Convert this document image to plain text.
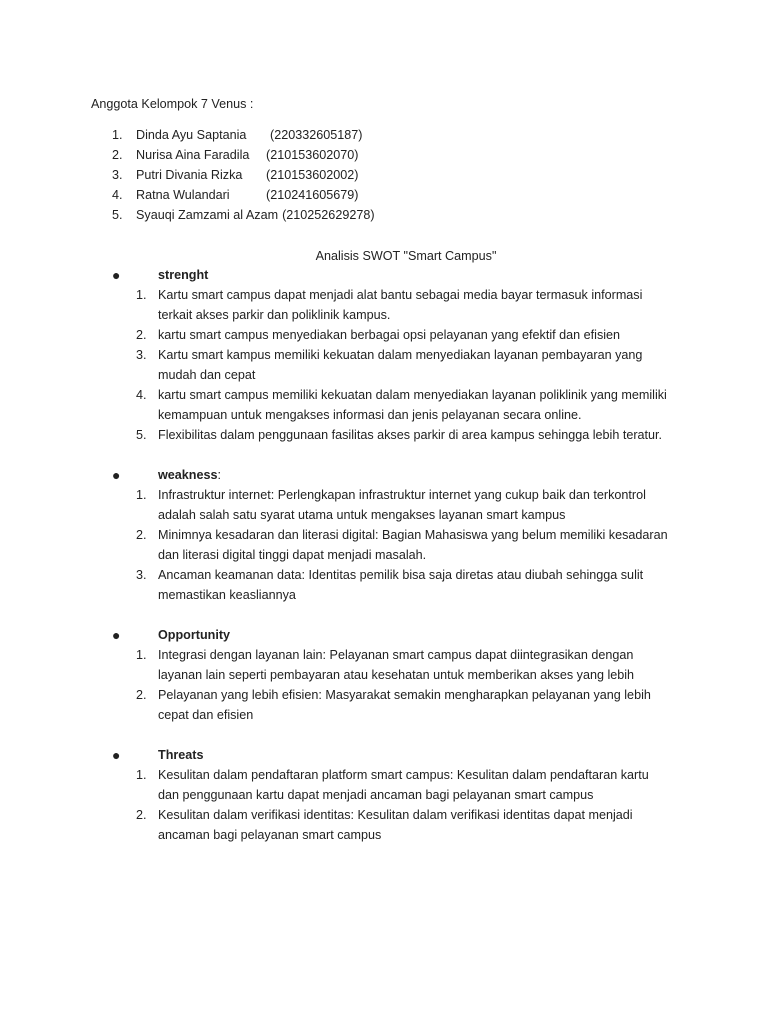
Anggota Kelompok 7 Venus :
1. Dinda Ayu Saptania (220332605187)
2. Nurisa Aina Faradila (210153602070)
3. Putri Divania Rizka (210153602002)
4. Ratna Wulandari	(210241605679)
5. Syauqi Zamzami al Azam (210252629278)
Analisis SWOT "Smart Campus"
●	strenght
1. Kartu smart campus dapat menjadi alat bantu sebagai media bayar termasuk informasi
terkait akses parkir dan poliklinik kampus.
2. kartu smart campus menyediakan berbagai opsi pelayanan yang efektif dan efisien
3. Kartu smart kampus memiliki kekuatan dalam menyediakan layanan pembayaran yang
mudah dan cepat
4. kartu smart campus memiliki kekuatan dalam menyediakan layanan poliklinik yang memiliki
kemampuan untuk mengakses informasi dan jenis pelayanan secara online.
5. Flexibilitas dalam penggunaan fasilitas akses parkir di area kampus sehingga lebih teratur.
●	weakness:
1. Infrastruktur internet: Perlengkapan infrastruktur internet yang cukup baik dan terkontrol
adalah salah satu syarat utama untuk mengakses layanan smart kampus
2. Minimnya kesadaran dan literasi digital: Bagian Mahasiswa yang belum memiliki kesadaran
dan literasi digital tinggi dapat menjadi masalah.
3. Ancaman keamanan data: Identitas pemilik bisa saja diretas atau diubah sehingga sulit
memastikan keasliannya
●	Opportunity
1. Integrasi dengan layanan lain: Pelayanan smart campus dapat diintegrasikan dengan
layanan lain seperti pembayaran atau kesehatan untuk memberikan akses yang lebih
2. Pelayanan yang lebih efisien: Masyarakat semakin mengharapkan pelayanan yang lebih
cepat dan efisien
●	Threats
1. Kesulitan dalam pendaftaran platform smart campus: Kesulitan dalam pendaftaran kartu
dan penggunaan kartu dapat menjadi ancaman bagi pelayanan smart campus
2. Kesulitan dalam verifikasi identitas: Kesulitan dalam verifikasi identitas dapat menjadi
ancaman bagi pelayanan smart campus
